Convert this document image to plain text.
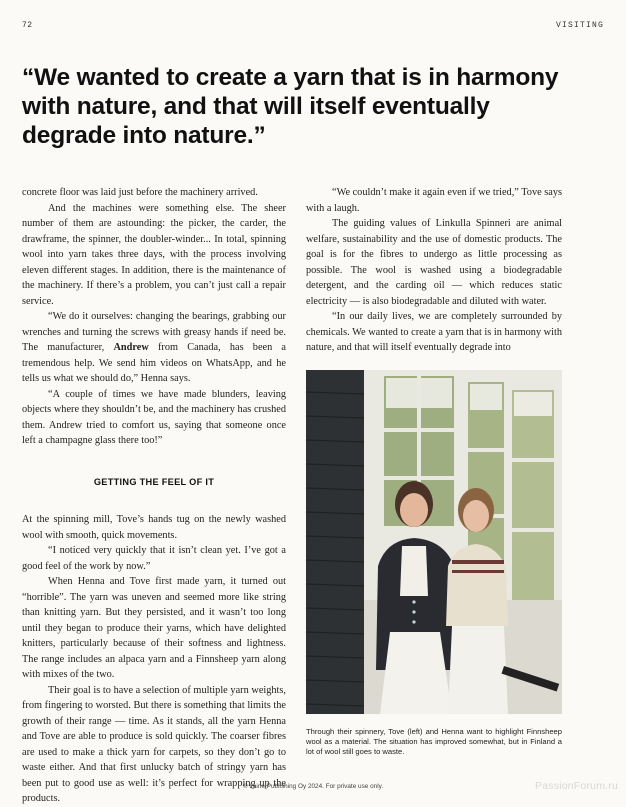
72	VISITING
“We wanted to create a yarn that is in harmony with nature, and that will itself eventually degrade into nature.”

concrete floor was laid just before the machinery arrived.

And the machines were something else. The sheer number of them are astounding: the picker, the carder, the drawframe, the spinner, the doubler-winder... In total, spinning wool into yarn takes three days, with the process involving eleven different stages. In addition, there is the maintenance of the machinery. If there’s a problem, you can’t just call a repair service.

“We do it ourselves: changing the bearings, grabbing our wrenches and turning the screws with greasy hands if need be. The manufacturer, Andrew from Canada, has been a tremendous help. We send him videos on WhatsApp, and he tells us what we should do,” Henna says.

“A couple of times we have made blunders, leaving objects where they shouldn’t be, and the machinery has crushed them. Andrew tried to comfort us, saying that someone once left a champagne glass there too!”

GETTING THE FEEL OF IT

At the spinning mill, Tove’s hands tug on the newly washed wool with smooth, quick movements.

“I noticed very quickly that it isn’t clean yet. I’ve got a good feel of the work by now.”

When Henna and Tove first made yarn, it turned out “horrible”. The yarn was uneven and seemed more like string than knitting yarn. But they persisted, and it wasn’t too long until they began to produce their yarns, which have delighted knitters, particularly because of their softness and lightness. The range includes an alpaca yarn and a Finnsheep yarn along with mixes of the two.

Their goal is to have a selection of multiple yarn weights, from fingering to worsted. But there is something that limits the growth of their range — time. As it stands, all the yarn Henna and Tove are able to produce is sold quickly. The coarser fibres are used to make a thick yarn for carpets, so they don’t go to waste either. And that first unlucky batch of stringy yarn has been put to good use as well: it’s perfect for wrapping up the products.

“We couldn’t make it again even if we tried,” Tove says with a laugh.

The guiding values of Linkulla Spinneri are animal welfare, sustainability and the use of domestic products. The goal is for the fibres to undergo as little processing as possible. The wool is washed using a biodegradable detergent, and the carding oil — which reduces static electricity — is also biodegradable and diluted with water.

“In our daily lives, we are completely surrounded by chemicals. We wanted to create a yarn that is in harmony with nature, and that will itself eventually degrade into

Through their spinnery, Tove (left) and Henna want to highlight Finnsheep wool as a material. The situation has improved somewhat, but in Finland a lot of wool still goes to waste.

© Laine Publishing Oy 2024. For private use only.	PassionForum.ru
